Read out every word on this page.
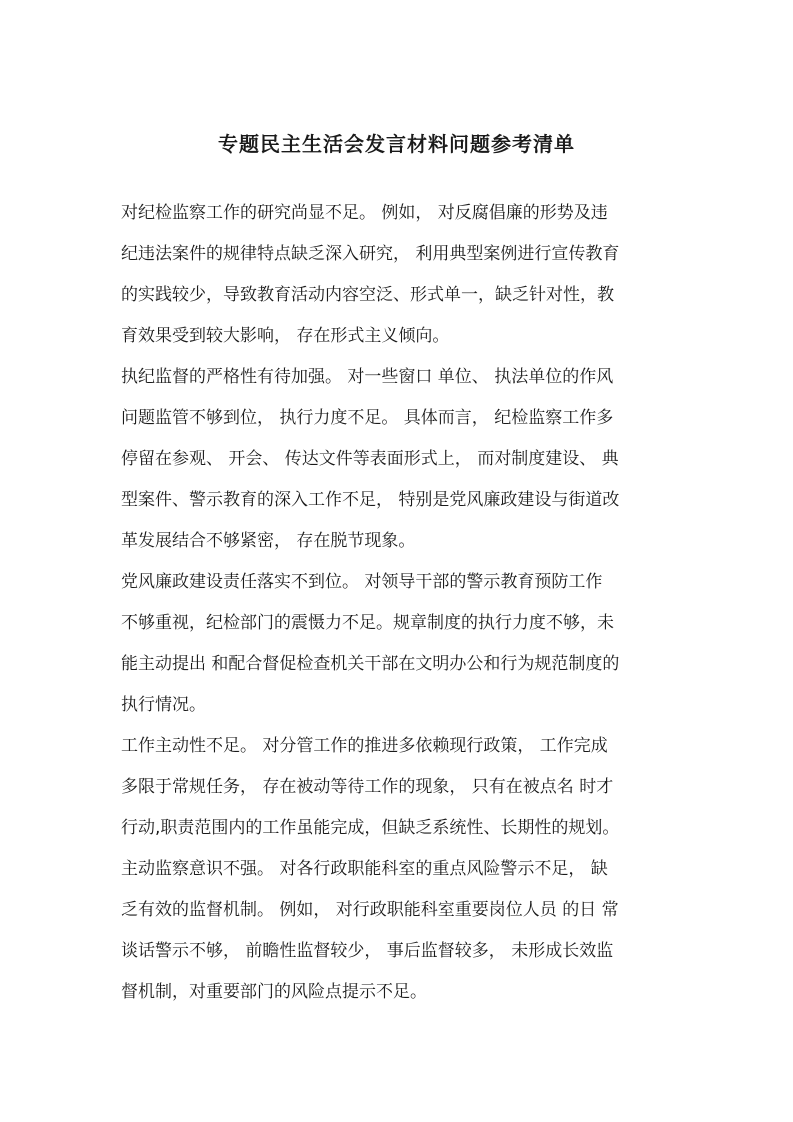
专题民主生活会发言材料问题参考清单

对纪检监察工作的研究尚显不足。 例如， 对反腐倡廉的形势及违

纪违法案件的规律特点缺乏深入研究， 利用典型案例进行宣传教育

的实践较少，导致教育活动内容空泛、形式单一，缺乏针对性，教

育效果受到较大影响， 存在形式主义倾向。

执纪监督的严格性有待加强。 对一些窗口 单位、 执法单位的作风

问题监管不够到位， 执行力度不足。 具体而言， 纪检监察工作多

停留在参观、 开会、 传达文件等表面形式上， 而对制度建设、 典

型案件、警示教育的深入工作不足， 特别是党风廉政建设与街道改

革发展结合不够紧密， 存在脱节现象。

党风廉政建设责任落实不到位。 对领导干部的警示教育预防工作

不够重视，纪检部门的震慑力不足。规章制度的执行力度不够，未

能主动提出 和配合督促检查机关干部在文明办公和行为规范制度的

执行情况。

工作主动性不足。 对分管工作的推进多依赖现行政策， 工作完成

多限于常规任务， 存在被动等待工作的现象， 只有在被点名 时才

行动,职责范围内的工作虽能完成，但缺乏系统性、长期性的规划。

主动监察意识不强。 对各行政职能科室的重点风险警示不足， 缺

乏有效的监督机制。 例如， 对行政职能科室重要岗位人员 的日 常

谈话警示不够， 前瞻性监督较少， 事后监督较多， 未形成长效监

督机制，对重要部门的风险点提示不足。
